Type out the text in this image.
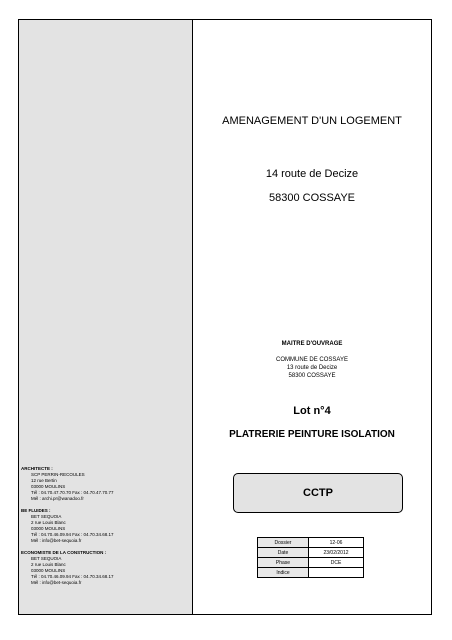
ARCHITECTE :
SCP PERRIN-RECOULES
12 rue Bertin
03000 MOULINS
Tél : 04.70.47.70.70 Fax : 04.70.47.70.77
Mél : archi.pr@wanadoo.fr
BE FLUIDES :
BET SEQUOIA
2 rue Louis Blanc
03000 MOULINS
Tél : 04.70.46.09.94 Fax : 04.70.34.68.17
Mél : info@bet-sequoia.fr
ECONOMISTE DE LA CONSTRUCTION :
BET SEQUOIA
2 rue Louis Blanc
03000 MOULINS
Tél : 04.70.46.09.94 Fax : 04.70.34.68.17
Mél : info@bet-sequoia.fr
AMENAGEMENT D'UN LOGEMENT
14 route de Decize
58300 COSSAYE
MAITRE D'OUVRAGE
COMMUNE DE COSSAYE
13 route de Decize
58300 COSSAYE
Lot n°4
PLATRERIE PEINTURE ISOLATION
CCTP
Dossier	12-06
Date	23/02/2012
Phase	DCE
Indice	
